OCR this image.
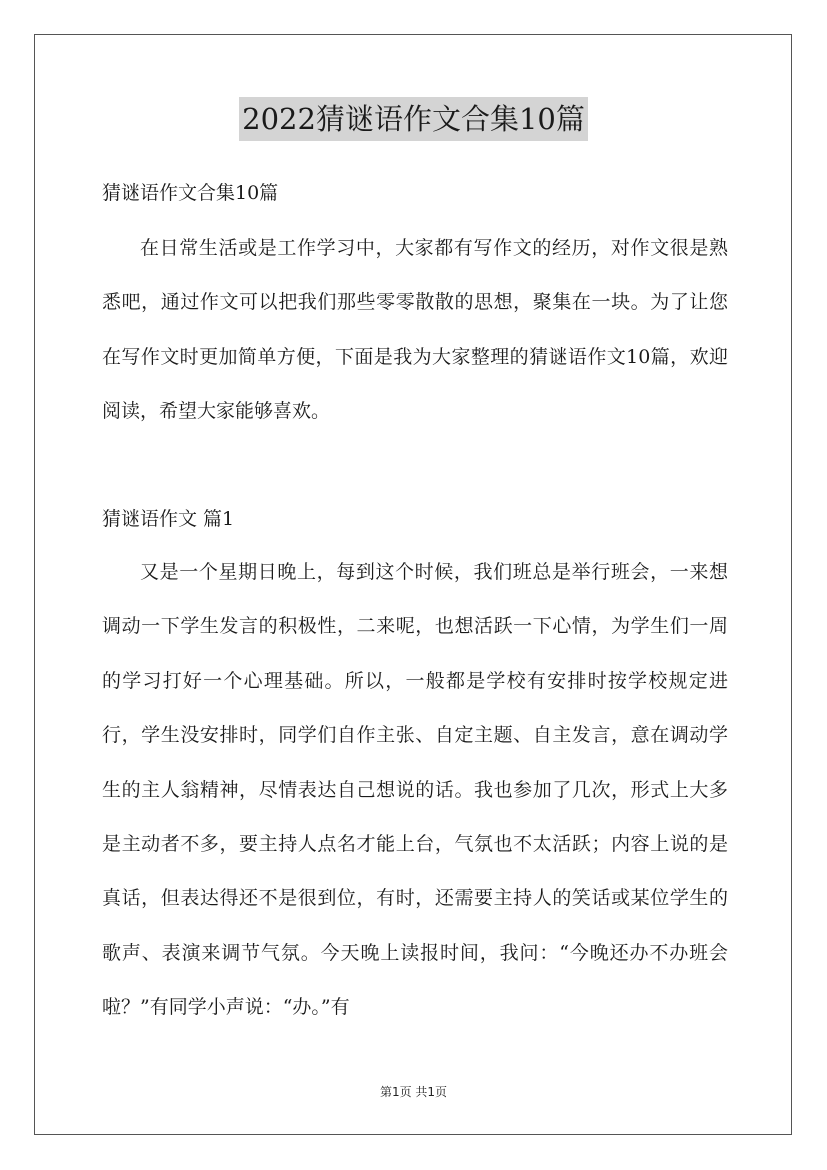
2022猜谜语作文合集10篇
猜谜语作文合集10篇

在日常生活或是工作学习中，大家都有写作文的经历，对作文很是熟悉吧，通过作文可以把我们那些零零散散的思想，聚集在一块。为了让您在写作文时更加简单方便，下面是我为大家整理的猜谜语作文10篇，欢迎阅读，希望大家能够喜欢。

猜谜语作文 篇1

又是一个星期日晚上，每到这个时候，我们班总是举行班会，一来想调动一下学生发言的积极性，二来呢，也想活跃一下心情，为学生们一周的学习打好一个心理基础。所以，一般都是学校有安排时按学校规定进行，学生没安排时，同学们自作主张、自定主题、自主发言，意在调动学生的主人翁精神，尽情表达自己想说的话。我也参加了几次，形式上大多是主动者不多，要主持人点名才能上台，气氛也不太活跃；内容上说的是真话，但表达得还不是很到位，有时，还需要主持人的笑话或某位学生的歌声、表演来调节气氛。今天晚上读报时间，我问：“今晚还办不办班会啦？”有同学小声说：“办。”有

第1页 共1页
